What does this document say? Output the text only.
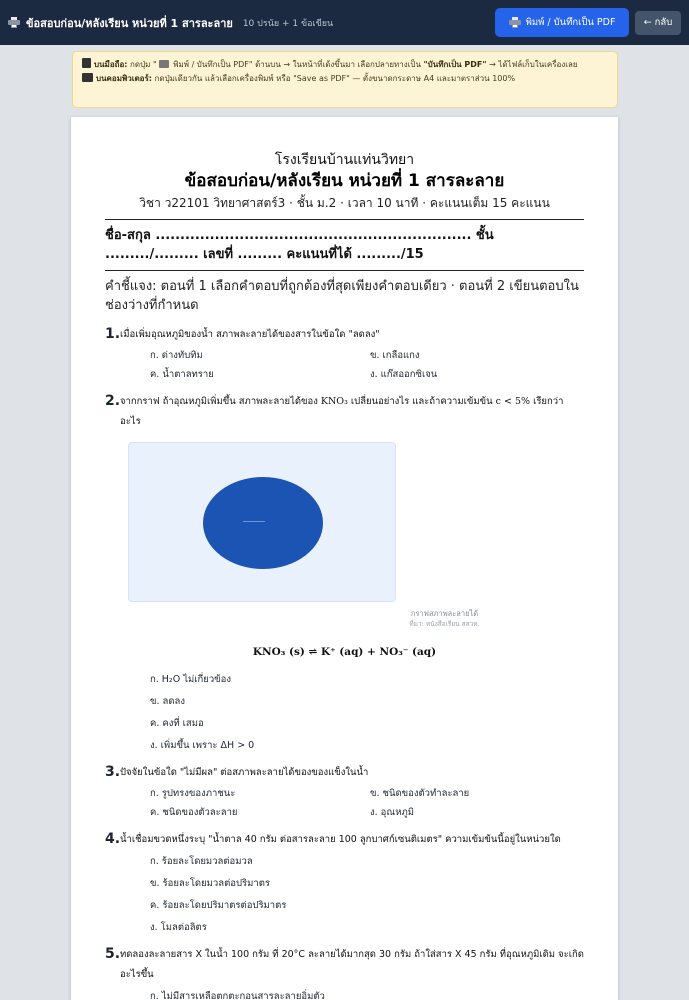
ข้อสอบก่อน/หลังเรียน หน่วยที่ 1 สารละลาย 10 ปรนัย + 1 ข้อเขียน	พิมพ์ / บันทึกเป็น PDF	← กลับ
บนมือถือ: กดปุ่ม " พิมพ์ / บันทึกเป็น PDF" ด้านบน → ในหน้าที่เด้งขึ้นมา เลือกปลายทางเป็น "บันทึกเป็น PDF" → ได้ไฟล์เก็บในเครื่องเลย
บนคอมพิวเตอร์: กดปุ่มเดียวกัน แล้วเลือกเครื่องพิมพ์ หรือ "Save as PDF" — ตั้งขนาดกระดาษ A4 และมาตราส่วน 100%
โรงเรียนบ้านแท่นวิทยา
ข้อสอบก่อน/หลังเรียน หน่วยที่ 1 สารละลาย
วิชา ว22101 วิทยาศาสตร์3 · ชั้น ม.2 · เวลา 10 นาที · คะแนนเต็ม 15 คะแนน
ชื่อ-สกุล ................................................................ ชั้น ........./......... เลขที่ ......... คะแนนที่ได้ ........./15
คำชี้แจง: ตอนที่ 1 เลือกคำตอบที่ถูกต้องที่สุดเพียงคำตอบเดียว · ตอนที่ 2 เขียนตอบในช่องว่างที่กำหนด
1. เมื่อเพิ่มอุณหภูมิของน้ำ สภาพละลายได้ของสารในข้อใด "ลดลง"
ก. ด่างทับทิม	ข. เกลือแกง
ค. น้ำตาลทราย	ง. แก๊สออกซิเจน
2. จากกราฟ ถ้าอุณหภูมิเพิ่มขึ้น สภาพละลายได้ของ KNO₃ เปลี่ยนอย่างไร และถ้าความเข้มข้น c < 5% เรียกว่าอะไร
กราฟสภาพละลายได้
ที่มา: หนังสือเรียน สสวท.
KNO₃ (s) ⇌ K⁺ (aq) + NO₃⁻ (aq)
ก. H₂O ไม่เกี่ยวข้อง
ข. ลดลง
ค. คงที่ เสมอ
ง. เพิ่มขึ้น เพราะ ΔH > 0
3. ปัจจัยในข้อใด "ไม่มีผล" ต่อสภาพละลายได้ของของแข็งในน้ำ
ก. รูปทรงของภาชนะ	ข. ชนิดของตัวทำละลาย
ค. ชนิดของตัวละลาย	ง. อุณหภูมิ
4. น้ำเชื่อมขวดหนึ่งระบุ "น้ำตาล 40 กรัม ต่อสารละลาย 100 ลูกบาศก์เซนติเมตร" ความเข้มข้นนี้อยู่ในหน่วยใด
ก. ร้อยละโดยมวลต่อมวล
ข. ร้อยละโดยมวลต่อปริมาตร
ค. ร้อยละโดยปริมาตรต่อปริมาตร
ง. โมลต่อลิตร
5. ทดลองละลายสาร X ในน้ำ 100 กรัม ที่ 20°C ละลายได้มากสุด 30 กรัม ถ้าใส่สาร X 45 กรัม ที่อุณหภูมิเดิม จะเกิดอะไรขึ้น
ก. ไม่มีสารเหลือตกตะกอนสารละลายอิ่มตัว
